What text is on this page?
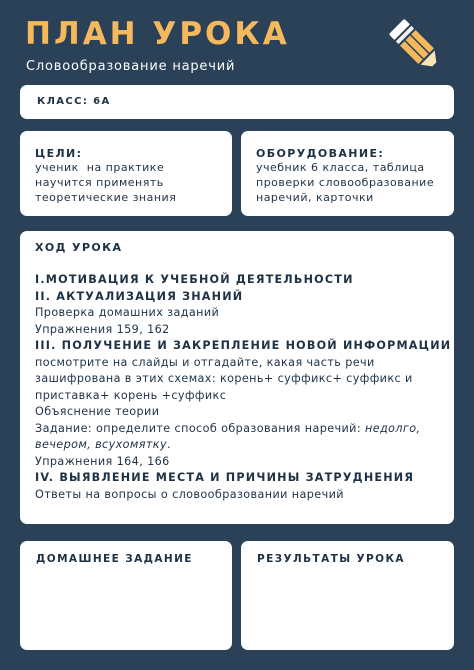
ПЛАН УРОКА
Словообразование наречий
КЛАСС: 6А
ЦЕЛИ:
ученик  на практике
научится применять
теоретические знания
ОБОРУДОВАНИЕ:
учебник 6 класса, таблица
проверки словообразование
наречий, карточки
ХОД УРОКА
I.МОТИВАЦИЯ К УЧЕБНОЙ ДЕЯТЕЛЬНОСТИ
II. АКТУАЛИЗАЦИЯ ЗНАНИЙ
Проверка домашних заданий
Упражнения 159, 162
III. ПОЛУЧЕНИЕ И ЗАКРЕПЛЕНИЕ НОВОЙ ИНФОРМАЦИИ
посмотрите на слайды и отгадайте, какая часть речи
зашифрована в этих схемах: корень+ суффикс+ суффикс и
приставка+ корень +суффикс
Объяснение теории
Задание: определите способ образования наречий: недолго, вечером, всухомятку.
Упражнения 164, 166
IV. ВЫЯВЛЕНИЕ МЕСТА И ПРИЧИНЫ ЗАТРУДНЕНИЯ
Ответы на вопросы о словообразовании наречий
ДОМАШНЕЕ ЗАДАНИЕ	РЕЗУЛЬТАТЫ УРОКА
